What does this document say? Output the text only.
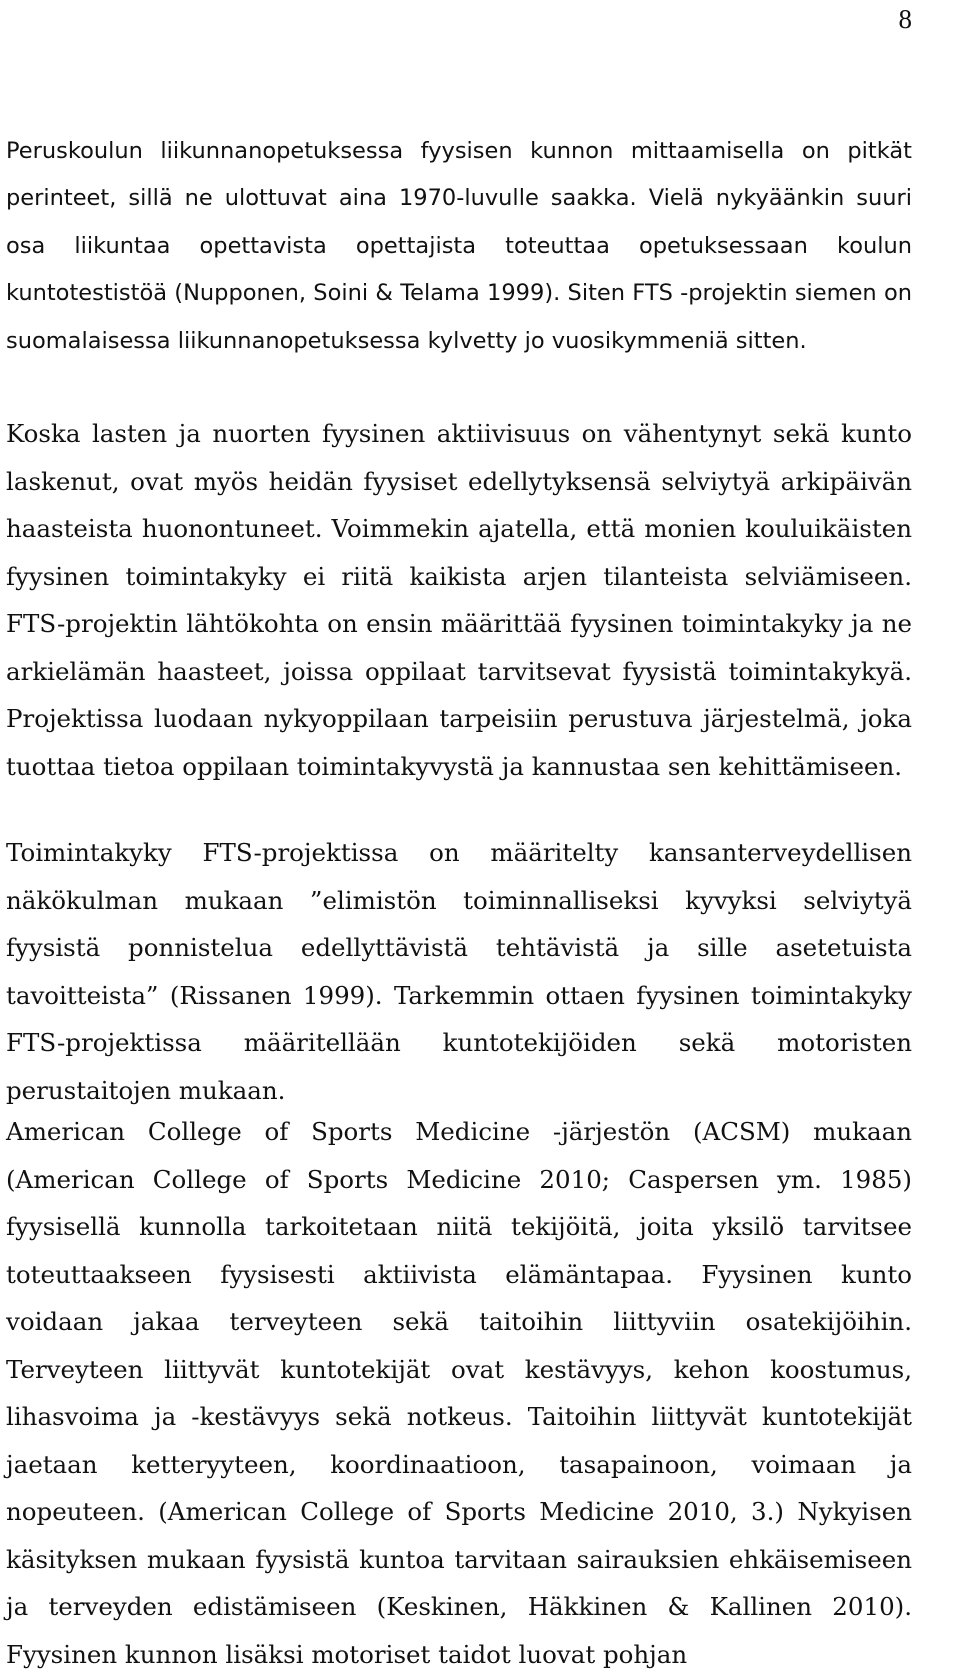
8

Peruskoulun liikunnanopetuksessa fyysisen kunnon mittaamisella on pitkät perinteet, sillä ne ulottuvat aina 1970-luvulle saakka. Vielä nykyäänkin suuri osa liikuntaa opettavista opettajista toteuttaa opetuksessaan koulun kuntotestistöä (Nupponen, Soini & Telama 1999). Siten FTS -projektin siemen on suomalaisessa liikunnanopetuksessa kylvetty jo vuosikymmeniä sitten.

Koska lasten ja nuorten fyysinen aktiivisuus on vähentynyt sekä kunto laskenut, ovat myös heidän fyysiset edellytyksensä selviytyä arkipäivän haasteista huonontuneet. Voimmekin ajatella, että monien kouluikäisten fyysinen toimintakyky ei riitä kaikista arjen tilanteista selviämiseen. FTS-projektin lähtökohta on ensin määrittää fyysinen toimintakyky ja ne arkielämän haasteet, joissa oppilaat tarvitsevat fyysistä toimintakykyä. Projektissa luodaan nykyoppilaan tarpeisiin perustuva järjestelmä, joka tuottaa tietoa oppilaan toimintakyvystä ja kannustaa sen kehittämiseen.

Toimintakyky FTS-projektissa on määritelty kansanterveydellisen näkökulman mukaan ”elimistön toiminnalliseksi kyvyksi selviytyä fyysistä ponnistelua edellyttävistä tehtävistä ja sille asetetuista tavoitteista” (Rissanen 1999). Tarkemmin ottaen fyysinen toimintakyky FTS-projektissa määritellään kuntotekijöiden sekä motoristen perustaitojen mukaan.

American College of Sports Medicine -järjestön (ACSM) mukaan (American College of Sports Medicine 2010; Caspersen ym. 1985) fyysisellä kunnolla tarkoitetaan niitä tekijöitä, joita yksilö tarvitsee toteuttaakseen fyysisesti aktiivista elämäntapaa. Fyysinen kunto voidaan jakaa terveyteen sekä taitoihin liittyviin osatekijöihin. Terveyteen liittyvät kuntotekijät ovat kestävyys, kehon koostumus, lihasvoima ja -kestävyys sekä notkeus. Taitoihin liittyvät kuntotekijät jaetaan ketteryyteen, koordinaatioon, tasapainoon, voimaan ja nopeuteen. (American College of Sports Medicine 2010, 3.) Nykyisen käsityksen mukaan fyysistä kuntoa tarvitaan sairauksien ehkäisemiseen ja terveyden edistämiseen (Keskinen, Häkkinen & Kallinen 2010). Fyysinen kunnon lisäksi motoriset taidot luovat pohjan
